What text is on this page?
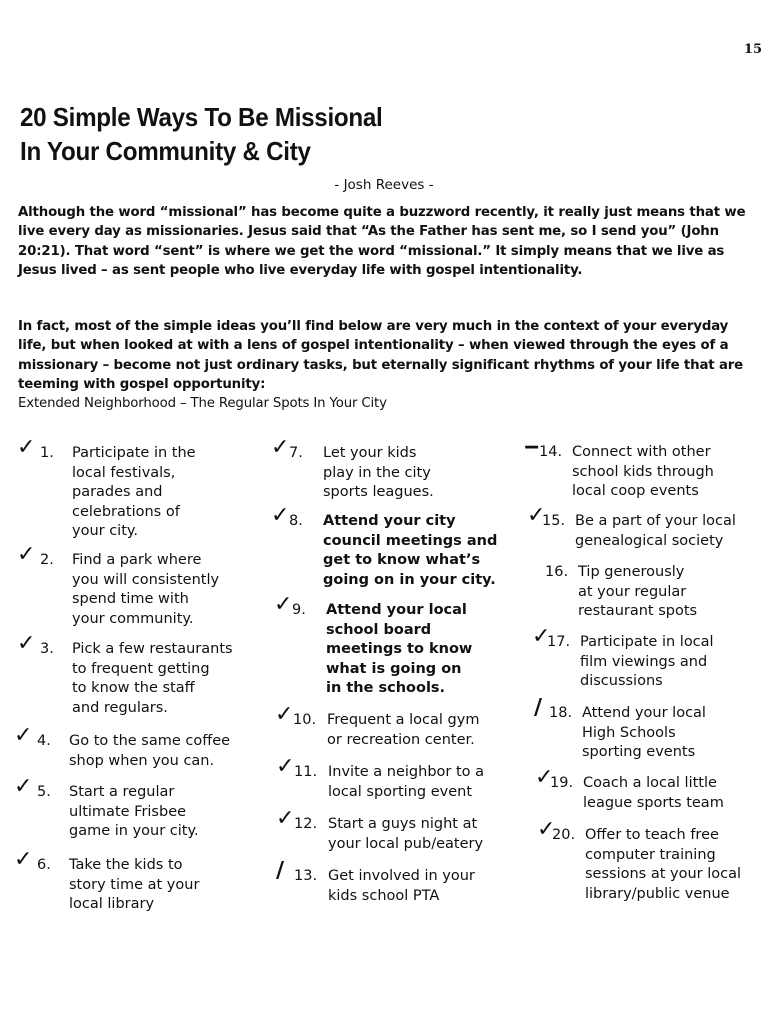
15
20 Simple Ways To Be Missional
In Your Community & City
- Josh Reeves -

Although the word “missional” has become quite a buzzword recently, it really just means that we live every day as missionaries. Jesus said that “As the Father has sent me, so I send you” (John 20:21). That word “sent” is where we get the word “missional.” It simply means that we live as Jesus lived – as sent people who live everyday life with gospel intentionality.

In fact, most of the simple ideas you’ll find below are very much in the context of your everyday life, but when looked at with a lens of gospel intentionality – when viewed through the eyes of a missionary – become not just ordinary tasks, but eternally significant rhythms of your life that are teeming with gospel opportunity:
Extended Neighborhood – The Regular Spots In Your City

✓ 1. Participate in the
local festivals,
parades and
celebrations of
your city.
✓ 2. Find a park where
you will consistently
spend time with
your community.
✓ 3. Pick a few restaurants
to frequent getting
to know the staff
and regulars.
✓ 4. Go to the same coffee
shop when you can.
✓ 5. Start a regular
ultimate Frisbee
game in your city.
✓ 6. Take the kids to
story time at your
local library
✓ 7. Let your kids
play in the city
sports leagues.
✓ 8. Attend your city
council meetings and
get to know what’s
going on in your city.
✓ 9. Attend your local
school board
meetings to know
what is going on
in the schools.
✓ 10. Frequent a local gym
or recreation center.
✓ 11. Invite a neighbor to a
local sporting event
✓ 12. Start a guys night at
your local pub/eatery
∕ 13. Get involved in your
kids school PTA
‒ 14. Connect with other
school kids through
local coop events
✓
15. Be a part of your local
genealogical society
16. Tip generously
at your regular
restaurant spots
✓
17. Participate in local
film viewings and
discussions
∕ 18. Attend your local
High Schools
sporting events
✓
19. Coach a local little
league sports team
✓
20. Offer to teach free
computer training
sessions at your local
library/public venue
